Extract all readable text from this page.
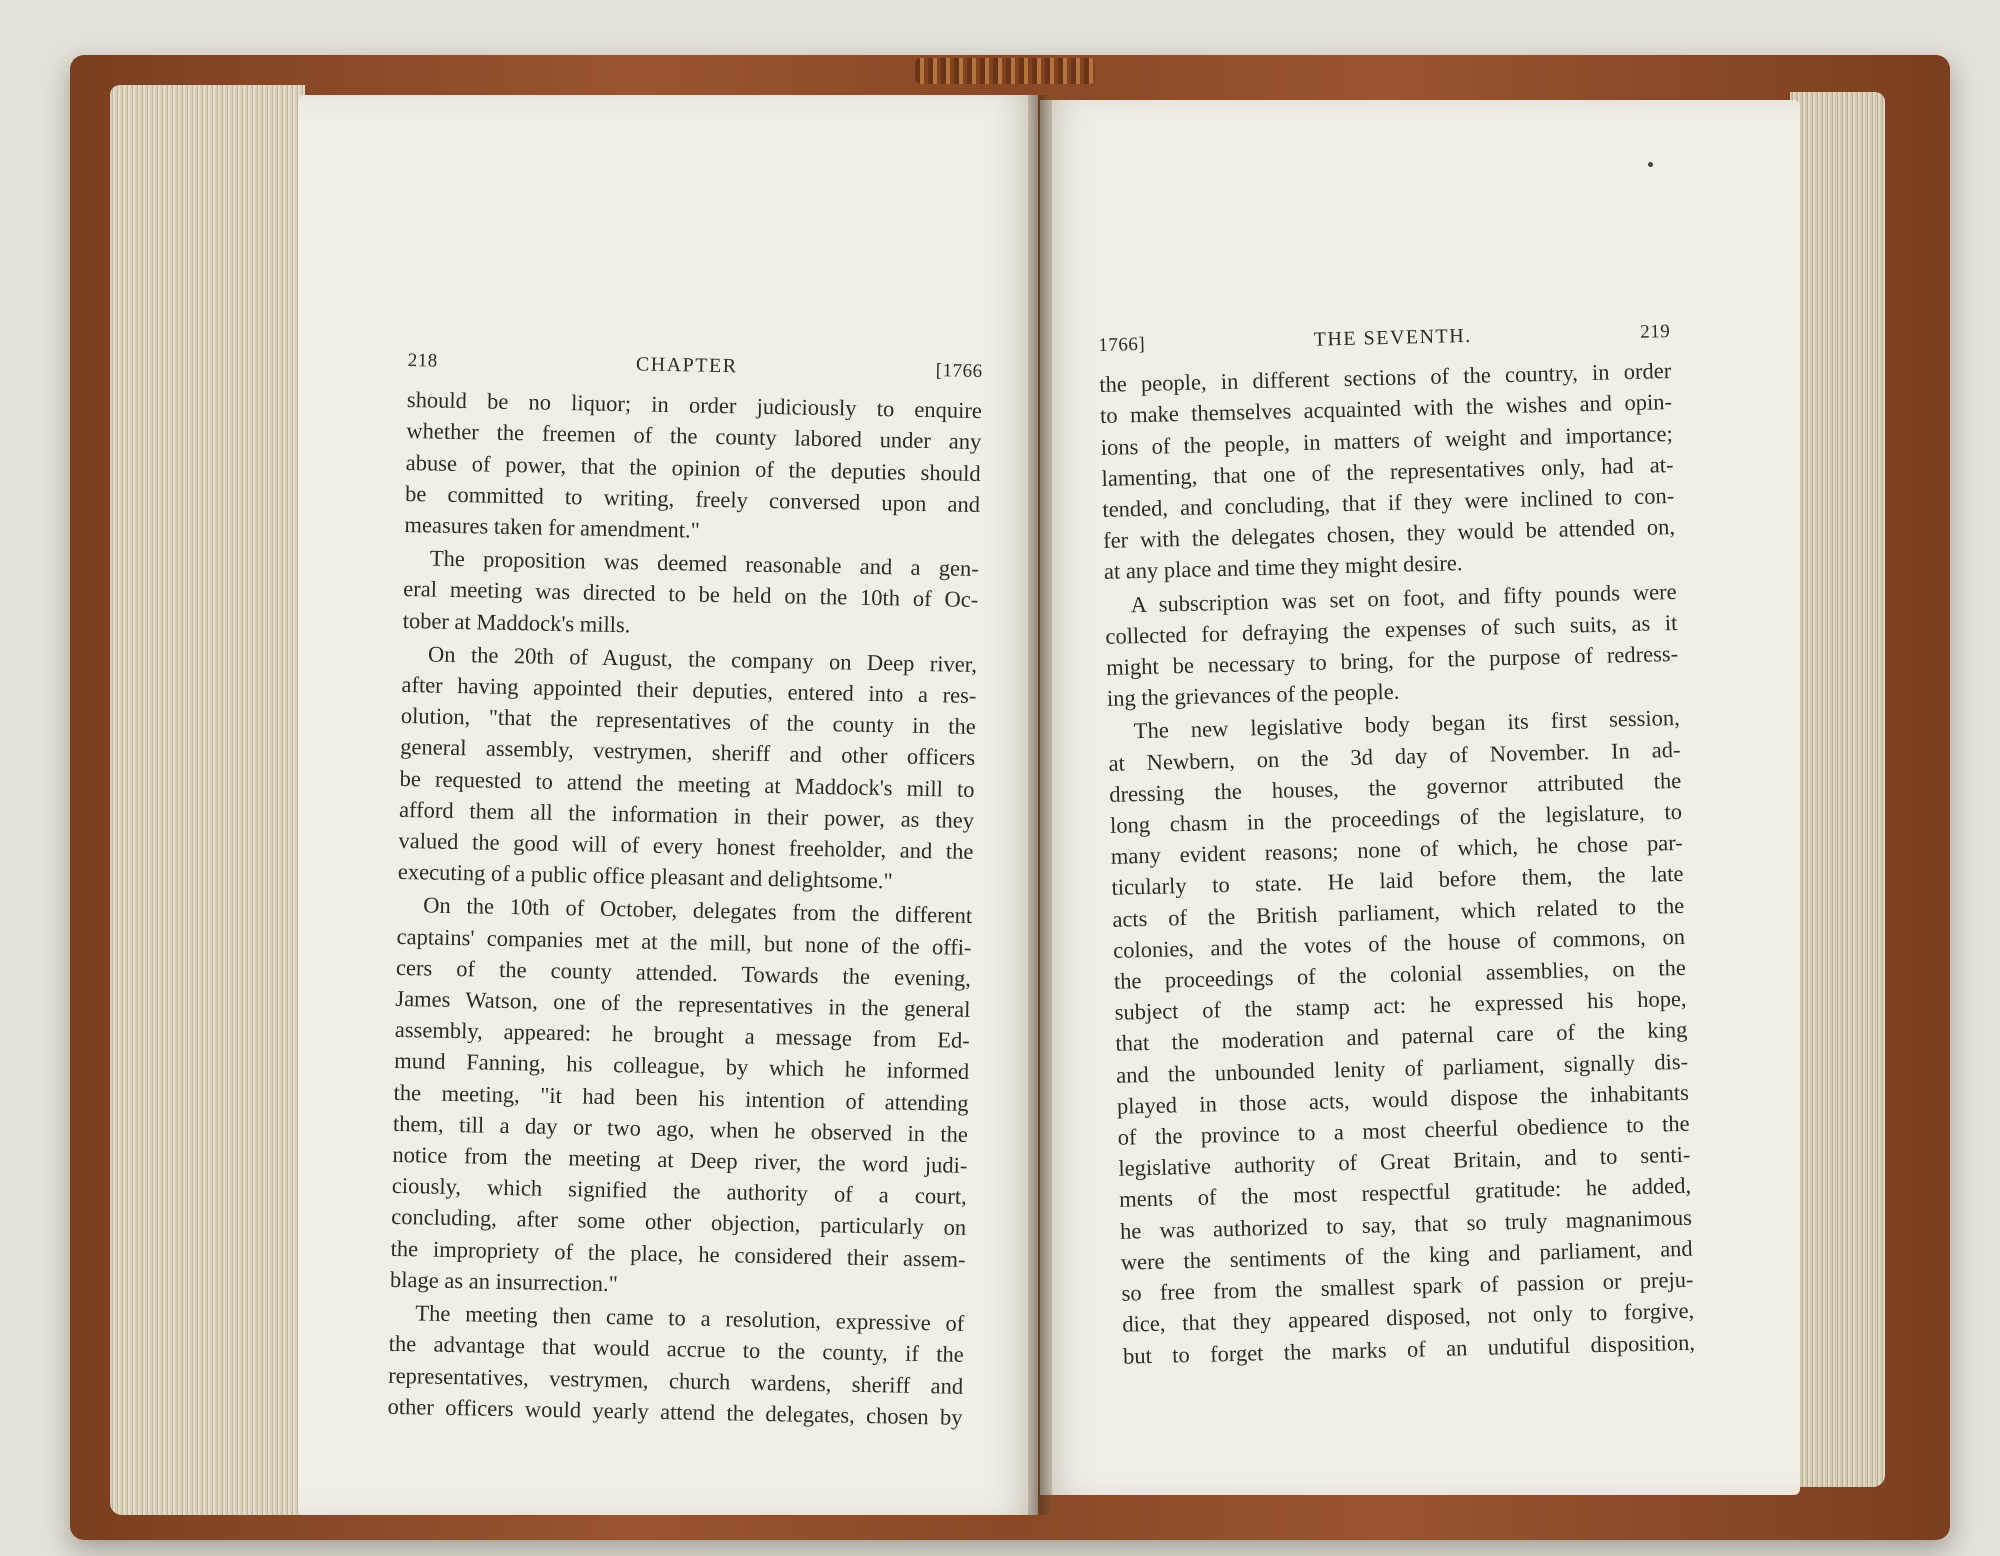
218	CHAPTER	[1766
should be no liquor; in order judiciously to enquire
whether the freemen of the county labored under any
abuse of power, that the opinion of the deputies should
be committed to writing, freely conversed upon and
measures taken for amendment."
The proposition was deemed reasonable and a gen-
eral meeting was directed to be held on the 10th of Oc-
tober at Maddock's mills.
On the 20th of August, the company on Deep river,
after having appointed their deputies, entered into a res-
olution, "that the representatives of the county in the
general assembly, vestrymen, sheriff and other officers
be requested to attend the meeting at Maddock's mill to
afford them all the information in their power, as they
valued the good will of every honest freeholder, and the
executing of a public office pleasant and delightsome."
On the 10th of October, delegates from the different
captains' companies met at the mill, but none of the offi-
cers of the county attended. Towards the evening,
James Watson, one of the representatives in the general
assembly, appeared: he brought a message from Ed-
mund Fanning, his colleague, by which he informed
the meeting, "it had been his intention of attending
them, till a day or two ago, when he observed in the
notice from the meeting at Deep river, the word judi-
ciously, which signified the authority of a court,
concluding, after some other objection, particularly on
the impropriety of the place, he considered their assem-
blage as an insurrection."
The meeting then came to a resolution, expressive of
the advantage that would accrue to the county, if the
representatives, vestrymen, church wardens, sheriff and
other officers would yearly attend the delegates, chosen by
1766]	THE SEVENTH.	219
the people, in different sections of the country, in order
to make themselves acquainted with the wishes and opin-
ions of the people, in matters of weight and importance;
lamenting, that one of the representatives only, had at-
tended, and concluding, that if they were inclined to con-
fer with the delegates chosen, they would be attended on,
at any place and time they might desire.
A subscription was set on foot, and fifty pounds were
collected for defraying the expenses of such suits, as it
might be necessary to bring, for the purpose of redress-
ing the grievances of the people.
The new legislative body began its first session,
at Newbern, on the 3d day of November. In ad-
dressing the houses, the governor attributed the
long chasm in the proceedings of the legislature, to
many evident reasons; none of which, he chose par-
ticularly to state. He laid before them, the late
acts of the British parliament, which related to the
colonies, and the votes of the house of commons, on
the proceedings of the colonial assemblies, on the
subject of the stamp act: he expressed his hope,
that the moderation and paternal care of the king
and the unbounded lenity of parliament, signally dis-
played in those acts, would dispose the inhabitants
of the province to a most cheerful obedience to the
legislative authority of Great Britain, and to senti-
ments of the most respectful gratitude: he added,
he was authorized to say, that so truly magnanimous
were the sentiments of the king and parliament, and
so free from the smallest spark of passion or preju-
dice, that they appeared disposed, not only to forgive,
but to forget the marks of an undutiful disposition,
